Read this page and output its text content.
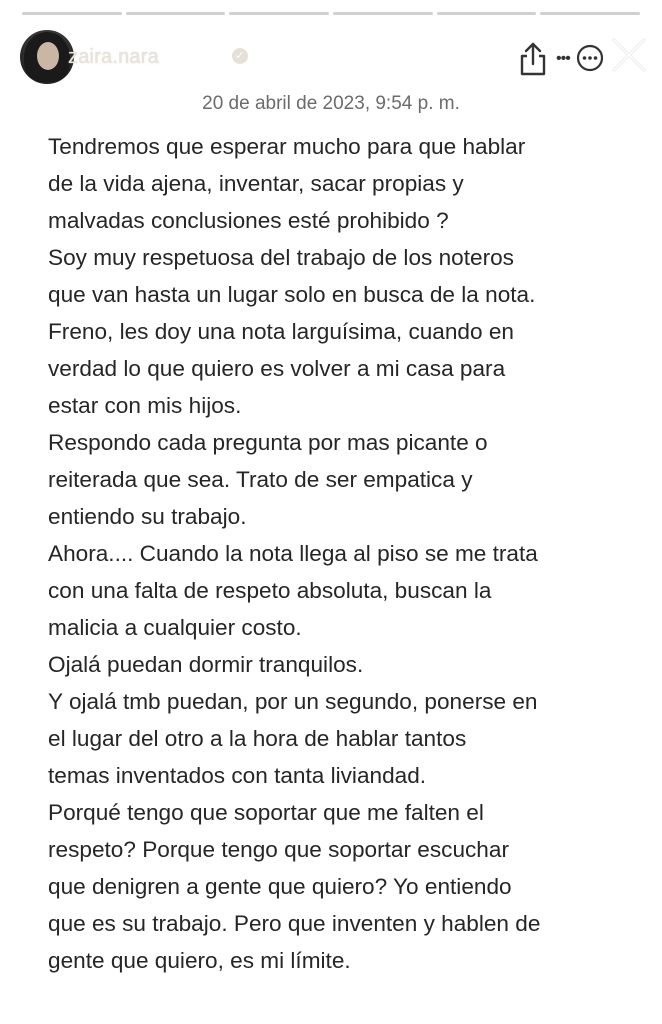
zaira.nara	✓	•••
20 de abril de 2023, 9:54 p. m.
Tendremos que esperar mucho para que hablar
de la vida ajena, inventar, sacar propias y
malvadas conclusiones esté prohibido ?
Soy muy respetuosa del trabajo de los noteros
que van hasta un lugar solo en busca de la nota.
Freno, les doy una nota larguísima, cuando en
verdad lo que quiero es volver a mi casa para
estar con mis hijos.
Respondo cada pregunta por mas picante o
reiterada que sea. Trato de ser empatica y
entiendo su trabajo.
Ahora.... Cuando la nota llega al piso se me trata
con una falta de respeto absoluta, buscan la
malicia a cualquier costo.
Ojalá puedan dormir tranquilos.
Y ojalá tmb puedan, por un segundo, ponerse en
el lugar del otro a la hora de hablar tantos
temas inventados con tanta liviandad.
Porqué tengo que soportar que me falten el
respeto? Porque tengo que soportar escuchar
que denigren a gente que quiero? Yo entiendo
que es su trabajo. Pero que inventen y hablen de
gente que quiero, es mi límite.
